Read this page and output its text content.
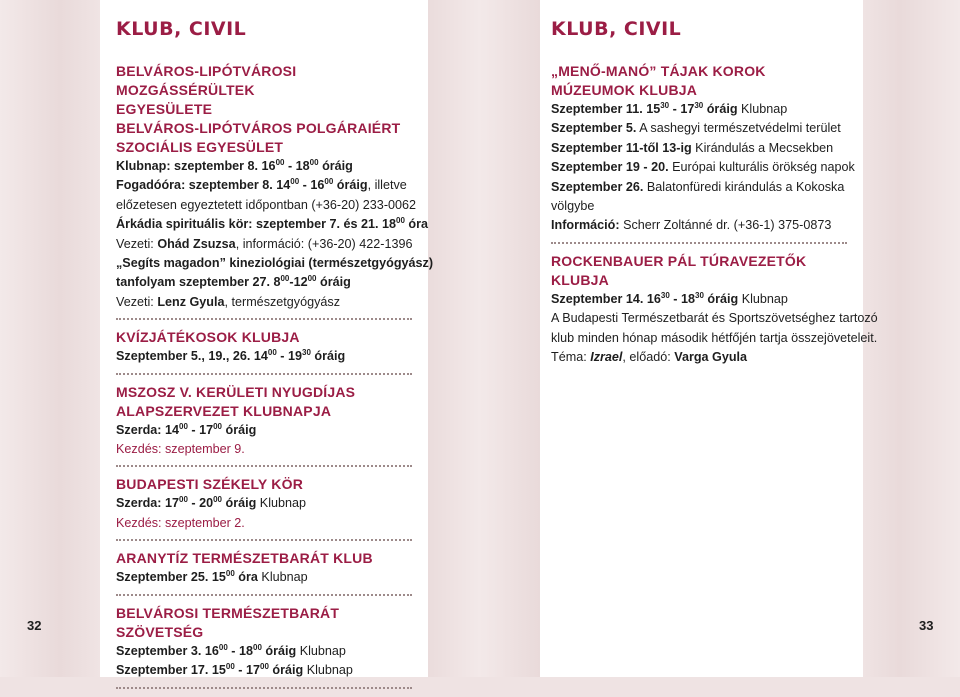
KLUB, CIVIL	KLUB, CIVIL
BELVÁROS-LIPÓTVÁROSI MOZGÁSSÉRÜLTEK
EGYESÜLETE
BELVÁROS-LIPÓTVÁROS POLGÁRAIÉRT
SZOCIÁLIS EGYESÜLET
Klubnap: szeptember 8. $16^{00} - 18^{00}$ óráig
Fogadóóra: szeptember 8. $14^{00} - 16^{00}$ óráig, illetve
előzetesen egyeztetett időpontban (+36-20) 233-0062
Árkádia spirituális kör: szeptember 7. és 21. $18^{00}$ óra
Vezeti: Ohád Zsuzsa, információ: (+36-20) 422-1396
„Segíts magadon” kineziológiai (természetgyógyász)
tanfolyam szeptember 27. $8^{00}-12^{00}$ óráig
Vezeti: Lenz Gyula, természetgyógyász
KVÍZJÁTÉKOSOK KLUBJA
Szeptember 5., 19., 26. $14^{00} - 19^{30}$ óráig
MSZOSZ V. KERÜLETI NYUGDÍJAS
ALAPSZERVEZET KLUBNAPJA
Szerda: $14^{00} - 17^{00}$ óráig
Kezdés: szeptember 9.
BUDAPESTI SZÉKELY KÖR
Szerda: $17^{00} - 20^{00}$ óráig Klubnap
Kezdés: szeptember 2.
ARANYTÍZ TERMÉSZETBARÁT KLUB
Szeptember 25. $15^{00}$ óra Klubnap
BELVÁROSI TERMÉSZETBARÁT SZÖVETSÉG
Szeptember 3. $16^{00} - 18^{00}$ óráig Klubnap
Szeptember 17. $15^{00} - 17^{00}$ óráig Klubnap
„MENŐ-MANÓ” TÁJAK KOROK MÚZEUMOK KLUBJA
Szeptember 11. $15^{30} - 17^{30}$ óráig Klubnap
Szeptember 5. A sashegyi természetvédelmi terület
Szeptember 11-től 13-ig Kirándulás a Mecsekben
Szeptember 19 - 20. Európai kulturális örökség napok
Szeptember 26. Balatonfüredi kirándulás a Kokoska
völgybe
Információ: Scherr Zoltánné dr. (+36-1) 375-0873
ROCKENBAUER PÁL TÚRAVEZETŐK KLUBJA
Szeptember 14. $16^{30} - 18^{30}$ óráig Klubnap
A Budapesti Természetbarát és Sportszövetséghez tartozó
klub minden hónap második hétfőjén tartja összejöveteleit.
Téma: Izrael, előadó: Varga Gyula
32	33
